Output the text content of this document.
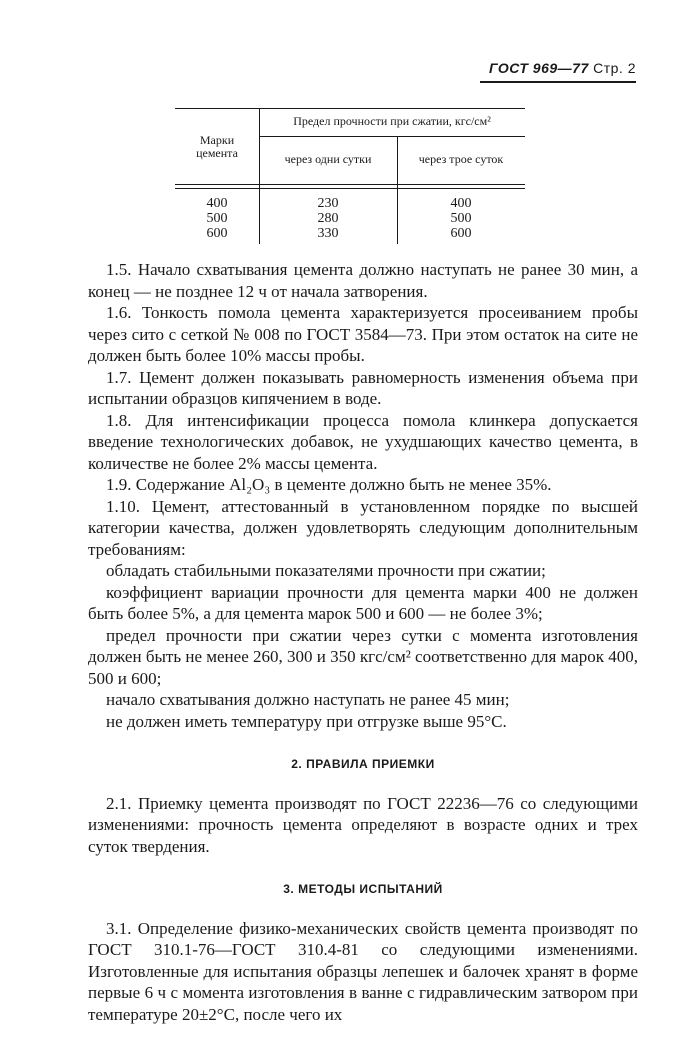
ГОСТ 969—77 Стр. 2
Марки
цемента
Предел прочности при сжатии, кгс/см²
через одни сутки	через трое суток
400
500
600
230
280
330
400
500
600

1.5. Начало схватывания цемента должно наступать не ранее 30 мин, а конец — не позднее 12 ч от начала затворения.

1.6. Тонкость помола цемента характеризуется просеиванием пробы через сито с сеткой № 008 по ГОСТ 3584—73. При этом остаток на сите не должен быть более 10% массы пробы.

1.7. Цемент должен показывать равномерность изменения объема при испытании образцов кипячением в воде.

1.8. Для интенсификации процесса помола клинкера допускается введение технологических добавок, не ухудшающих качество цемента, в количестве не более 2% массы цемента.

1.9. Содержание Al₂O₃ в цементе должно быть не менее 35%.

1.10. Цемент, аттестованный в установленном порядке по высшей категории качества, должен удовлетворять следующим дополнительным требованиям:

обладать стабильными показателями прочности при сжатии;

коэффициент вариации прочности для цемента марки 400 не должен быть более 5%, а для цемента марок 500 и 600 — не более 3%;

предел прочности при сжатии через сутки с момента изготовления должен быть не менее 260, 300 и 350 кгс/см² соответственно для марок 400, 500 и 600;

начало схватывания должно наступать не ранее 45 мин;

не должен иметь температуру при отгрузке выше 95°С.

2. ПРАВИЛА ПРИЕМКИ

2.1. Приемку цемента производят по ГОСТ 22236—76 со следующими изменениями: прочность цемента определяют в возрасте одних и трех суток твердения.

3. МЕТОДЫ ИСПЫТАНИЙ

3.1. Определение физико-механических свойств цемента производят по ГОСТ 310.1-76—ГОСТ 310.4-81 со следующими изменениями. Изготовленные для испытания образцы лепешек и балочек хранят в форме первые 6 ч с момента изготовления в ванне с гидравлическим затвором при температуре 20±2°С, после чего их
